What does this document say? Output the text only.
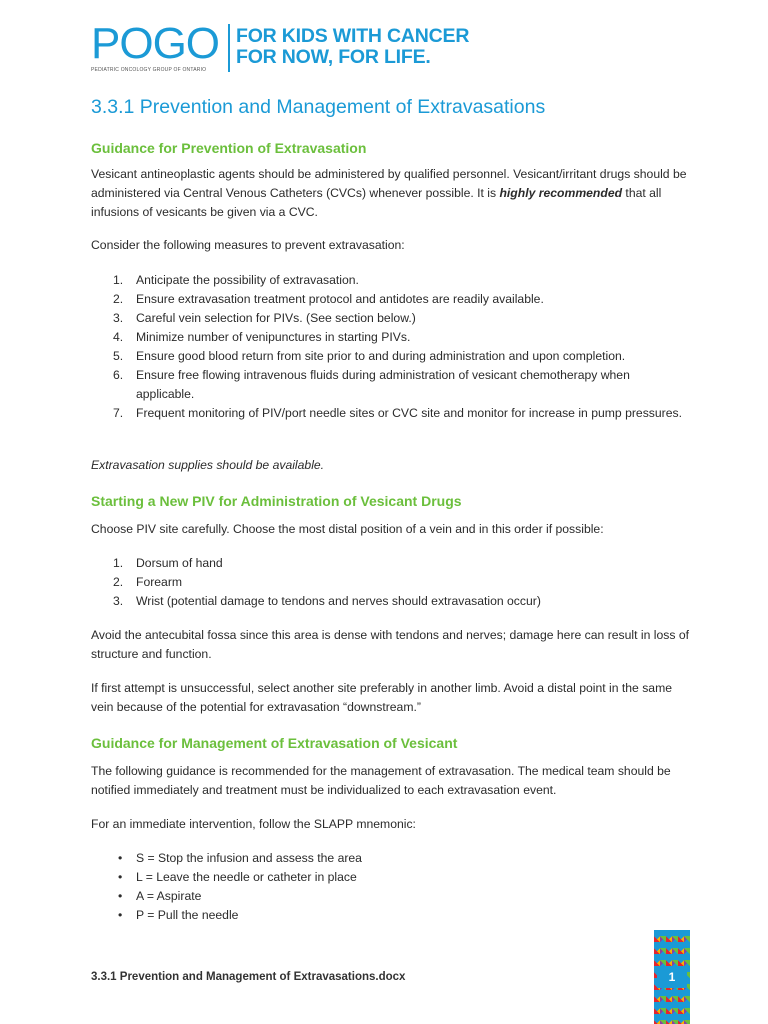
POGO
PEDIATRIC ONCOLOGY GROUP OF ONTARIO
FOR KIDS WITH CANCER
FOR NOW, FOR LIFE.
3.3.1 Prevention and Management of Extravasations
Guidance for Prevention of Extravasation

Vesicant antineoplastic agents should be administered by qualified personnel. Vesicant/irritant drugs should be administered via Central Venous Catheters (CVCs) whenever possible. It is highly recommended that all infusions of vesicants be given via a CVC.

Consider the following measures to prevent extravasation:

1. Anticipate the possibility of extravasation.
2. Ensure extravasation treatment protocol and antidotes are readily available.
3. Careful vein selection for PIVs. (See section below.)
4. Minimize number of venipunctures in starting PIVs.
5. Ensure good blood return from site prior to and during administration and upon completion.
6. Ensure free flowing intravenous fluids during administration of vesicant chemotherapy when applicable.
7. Frequent monitoring of PIV/port needle sites or CVC site and monitor for increase in pump pressures.

Extravasation supplies should be available.

Starting a New PIV for Administration of Vesicant Drugs

Choose PIV site carefully. Choose the most distal position of a vein and in this order if possible:

1. Dorsum of hand
2. Forearm
3. Wrist (potential damage to tendons and nerves should extravasation occur)

Avoid the antecubital fossa since this area is dense with tendons and nerves; damage here can result in loss of structure and function.

If first attempt is unsuccessful, select another site preferably in another limb. Avoid a distal point in the same vein because of the potential for extravasation “downstream.”

Guidance for Management of Extravasation of Vesicant

The following guidance is recommended for the management of extravasation. The medical team should be notified immediately and treatment must be individualized to each extravasation event.

For an immediate intervention, follow the SLAPP mnemonic:

• S = Stop the infusion and assess the area
• L = Leave the needle or catheter in place
• A = Aspirate
• P = Pull the needle
3.3.1 Prevention and Management of Extravasations.docx	1
